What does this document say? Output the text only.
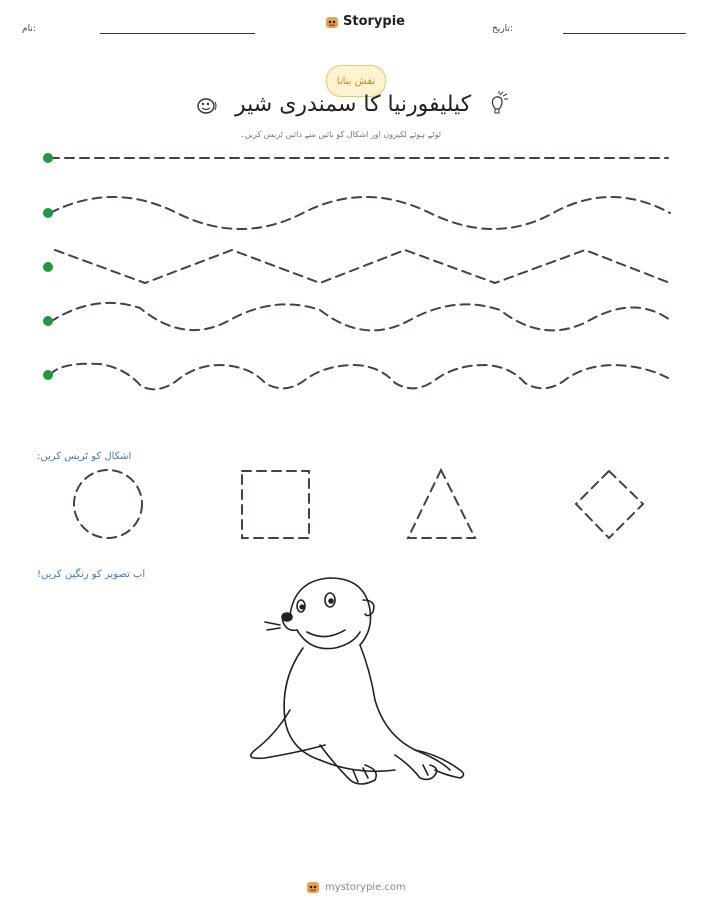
نام:	Storypie	تاریخ:
نقش بنانا
کیلیفورنیا کا سمندری شیر
ٹوٹے ہوئے لکیروں اور اشکال کو بائیں سے دائیں ٹریس کریں۔
اشکال کو ٹریس کریں:
اب تصویر کو رنگین کریں!
mystorypie.com
